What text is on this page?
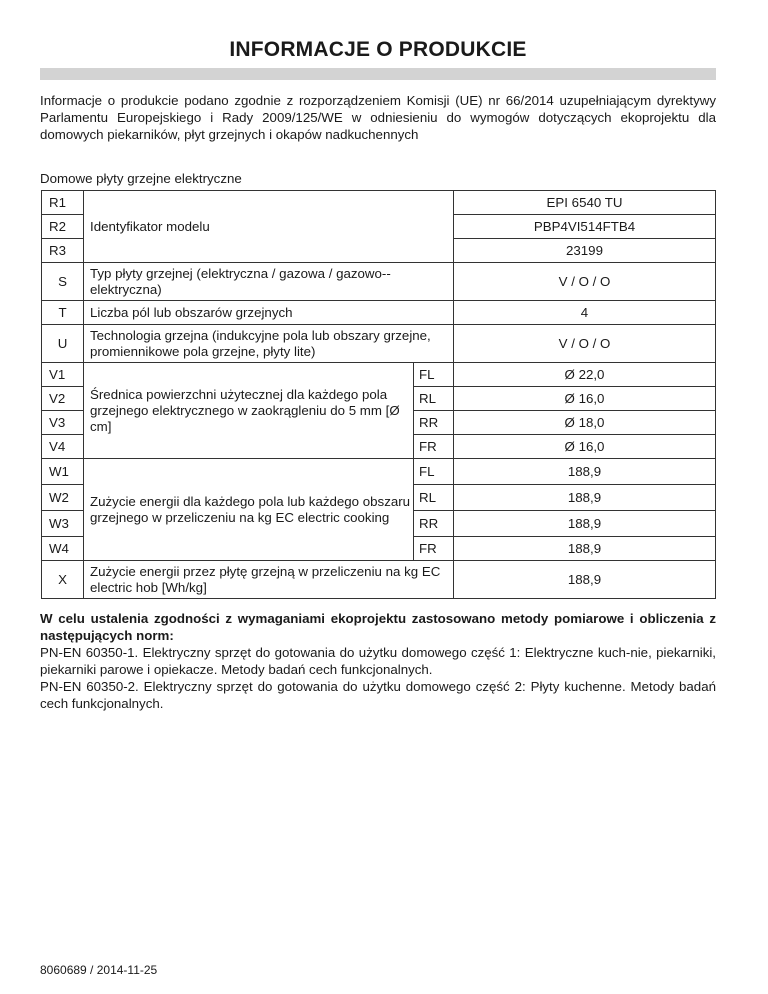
INFORMACJE O PRODUKCIE
Informacje o produkcie podano zgodnie z rozporządzeniem Komisji (UE) nr 66/2014 uzupełniającym dyrektywy Parlamentu Europejskiego i Rady 2009/125/WE w odniesieniu do wymogów dotyczących ekoprojektu dla domowych piekarników, płyt grzejnych i okapów nadkuchennych
Domowe płyty grzejne elektryczne
R1	Identyfikator modelu		EPI 6540 TU
R2			PBP4VI514FTB4
R3			23199
S	Typ płyty grzejnej (elektryczna / gazowa / gazowo--elektryczna)		V / O / O
T	Liczba pól lub obszarów grzejnych		4
U	Technologia grzejna (indukcyjne pola lub obszary grzejne, promiennikowe pola grzejne, płyty lite)		V / O / O
V1	Średnica powierzchni użytecznej dla każdego pola grzejnego elektrycznego w zaokrągleniu do 5 mm [Ø cm]	FL	Ø 22,0
V2		RL	Ø 16,0
V3		RR	Ø 18,0
V4		FR	Ø 16,0
W1	Zużycie energii dla każdego pola lub każdego obszaru grzejnego w przeliczeniu na kg EC electric cooking	FL	188,9
W2		RL	188,9
W3		RR	188,9
W4		FR	188,9
X	Zużycie energii przez płytę grzejną w przeliczeniu na kg EC electric hob [Wh/kg]		188,9

W celu ustalenia zgodności z wymaganiami ekoprojektu zastosowano metody pomiarowe i obliczenia z następujących norm:

PN-EN 60350-1. Elektryczny sprzęt do gotowania do użytku domowego część 1: Elektryczne kuch-nie, piekarniki, piekarniki parowe i opiekacze. Metody badań cech funkcjonalnych.

PN-EN 60350-2. Elektryczny sprzęt do gotowania do użytku domowego część 2: Płyty kuchenne. Metody badań cech funkcjonalnych.

8060689 / 2014-11-25
